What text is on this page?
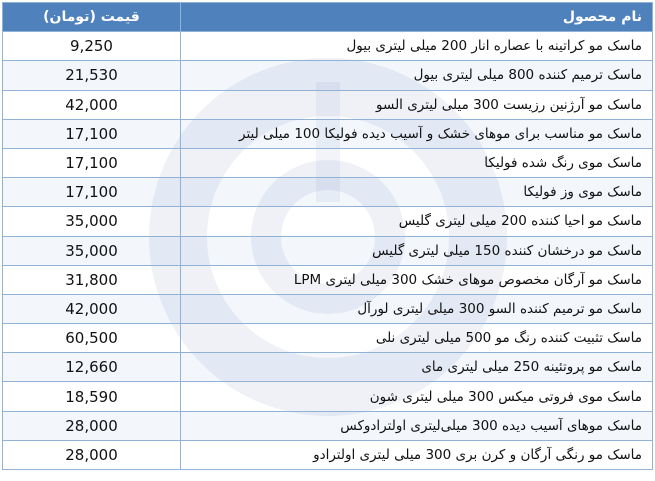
نام محصول	قیمت (تومان)
ماسک مو کراتینه با عصاره انار 200 میلی لیتری بیول	9,250
ماسک ترمیم کننده 800 میلی لیتری بیول	21,530
ماسک مو آرژنین رزیست 300 میلی لیتری السو	42,000
ماسک مو مناسب برای موهای خشک و آسیب دیده فولیکا 100 میلی لیتر	17,100
ماسک موی رنگ شده فولیکا	17,100
ماسک موی وز فولیکا	17,100
ماسک مو احیا کننده 200 میلی لیتری گلیس	35,000
ماسک مو درخشان کننده 150 میلی لیتری گلیس	35,000
ماسک مو آرگان مخصوص موهای خشک 300 میلی لیتری LPM	31,800
ماسک مو ترمیم کننده السو 300 میلی لیتری لورآل	42,000
ماسک تثبیت کننده رنگ مو 500 میلی لیتری نلی	60,500
ماسک مو پروتئینه 250 میلی لیتری مای	12,660
ماسک موی فروتی میکس 300 میلی لیتری شون	18,590
ماسک موهای آسیب دیده 300 میلی‌لیتری اولترادوکس	28,000
ماسک مو رنگی آرگان و کرن بری 300 میلی لیتری اولترادو	28,000
